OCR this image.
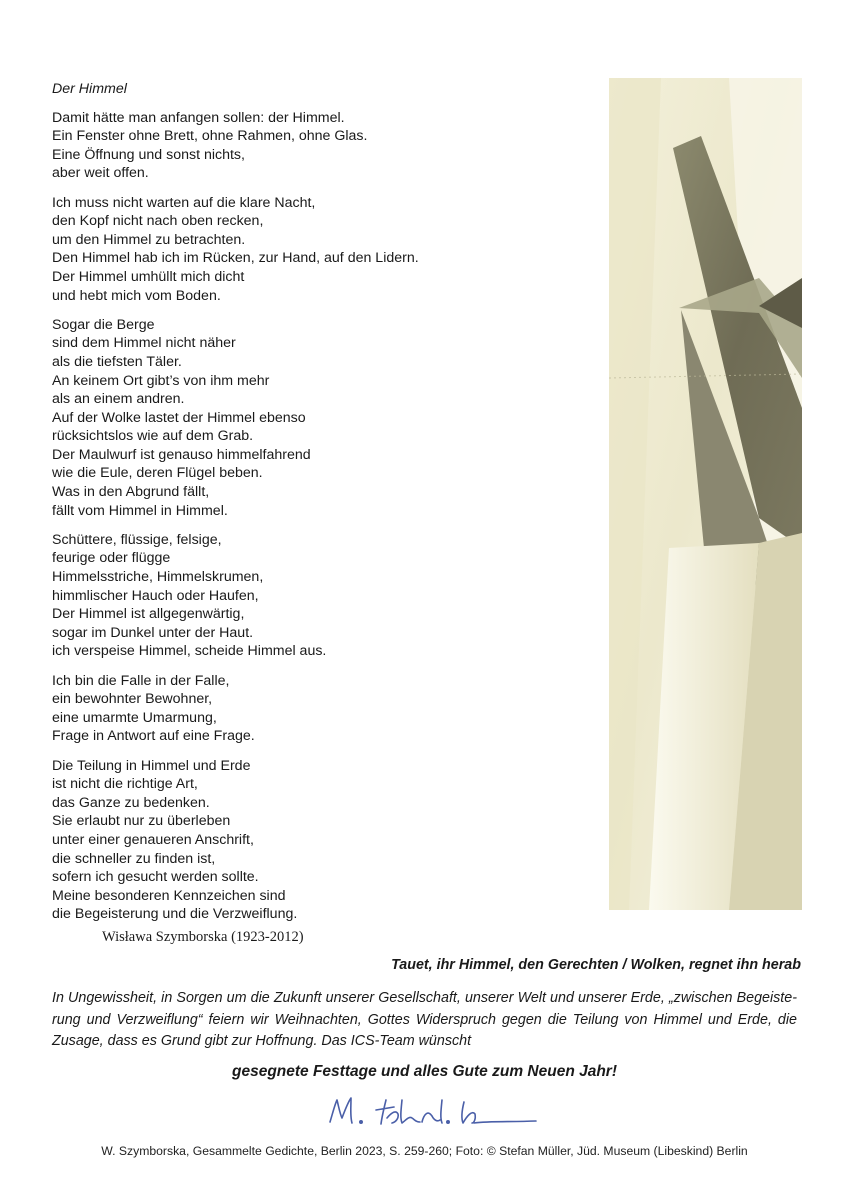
Der Himmel
Damit hätte man anfangen sollen: der Himmel.
Ein Fenster ohne Brett, ohne Rahmen, ohne Glas.
Eine Öffnung und sonst nichts,
aber weit offen.
Ich muss nicht warten auf die klare Nacht,
den Kopf nicht nach oben recken,
um den Himmel zu betrachten.
Den Himmel hab ich im Rücken, zur Hand, auf den Lidern.
Der Himmel umhüllt mich dicht
und hebt mich vom Boden.
Sogar die Berge
sind dem Himmel nicht näher
als die tiefsten Täler.
An keinem Ort gibt’s von ihm mehr
als an einem andren.
Auf der Wolke lastet der Himmel ebenso
rücksichtslos wie auf dem Grab.
Der Maulwurf ist genauso himmelfahrend
wie die Eule, deren Flügel beben.
Was in den Abgrund fällt,
fällt vom Himmel in Himmel.
Schüttere, flüssige, felsige,
feurige oder flügge
Himmelsstriche, Himmelskrumen,
himmlischer Hauch oder Haufen,
Der Himmel ist allgegenwärtig,
sogar im Dunkel unter der Haut.
ich verspeise Himmel, scheide Himmel aus.
Ich bin die Falle in der Falle,
ein bewohnter Bewohner,
eine umarmte Umarmung,
Frage in Antwort auf eine Frage.
Die Teilung in Himmel und Erde
ist nicht die richtige Art,
das Ganze zu bedenken.
Sie erlaubt nur zu überleben
unter einer genaueren Anschrift,
die schneller zu finden ist,
sofern ich gesucht werden sollte.
Meine besonderen Kennzeichen sind
die Begeisterung und die Verzweiflung.
Wisława Szymborska (1923-2012)
Tauet, ihr Himmel, den Gerechten / Wolken, regnet ihn herab
In Ungewissheit, in Sorgen um die Zukunft unserer Gesellschaft, unserer Welt und unserer Erde, „zwischen Begeiste- rung und Verzweiflung“ feiern wir Weihnachten, Gottes Widerspruch gegen die Teilung von Himmel und Erde, die Zusage, dass es Grund gibt zur Hoffnung. Das ICS-Team wünscht
gesegnete Festtage und alles Gute zum Neuen Jahr!
W. Szymborska, Gesammelte Gedichte, Berlin 2023, S. 259-260; Foto: © Stefan Müller, Jüd. Museum (Libeskind) Berlin
